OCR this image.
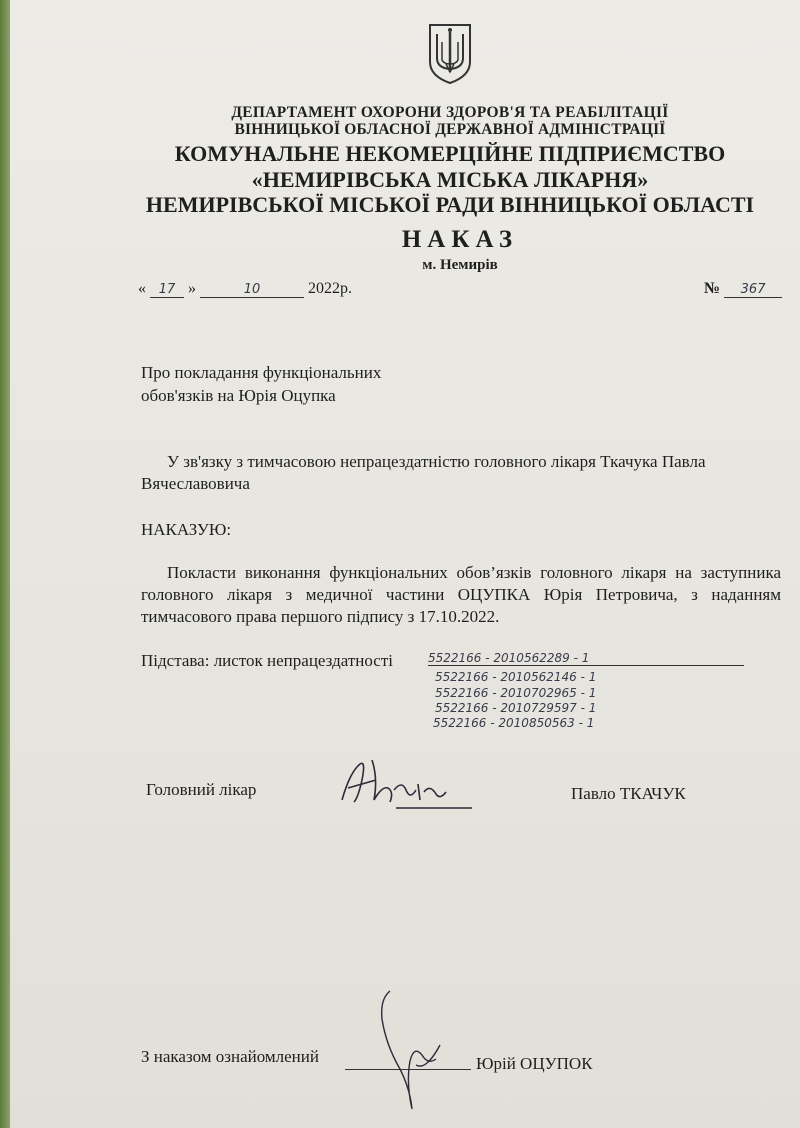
ДЕПАРТАМЕНТ ОХОРОНИ ЗДОРОВ'Я ТА РЕАБІЛІТАЦІЇ
ВІННИЦЬКОЇ ОБЛАСНОЇ ДЕРЖАВНОЇ АДМІНІСТРАЦІЇ
КОМУНАЛЬНЕ НЕКОМЕРЦІЙНЕ ПІДПРИЄМСТВО
«НЕМИРІВСЬКА МІСЬКА ЛІКАРНЯ»
НЕМИРІВСЬКОЇ МІСЬКОЇ РАДИ ВІННИЦЬКОЇ ОБЛАСТІ
НАКАЗ
м. Немирів
« 17 »	10	2022р.	№ 367
Про покладання функціональних
обов'язків на Юрія Оцупка
У зв'язку з тимчасовою непрацездатністю головного лікаря Ткачука Павла Вячеславовича
НАКАЗУЮ:
Покласти виконання функціональних обов’язків головного лікаря на заступника головного лікаря з медичної частини ОЦУПКА Юрія Петровича, з наданням тимчасового права першого підпису з 17.10.2022.
Підстава: листок непрацездатності	5522166 - 2010562289 - 1
5522166 - 2010562146 - 1
5522166 - 2010702965 - 1
5522166 - 2010729597 - 1
5522166 - 2010850563 - 1
Головний лікар	Павло ТКАЧУК
З наказом ознайомлений	Юрій ОЦУПОК
